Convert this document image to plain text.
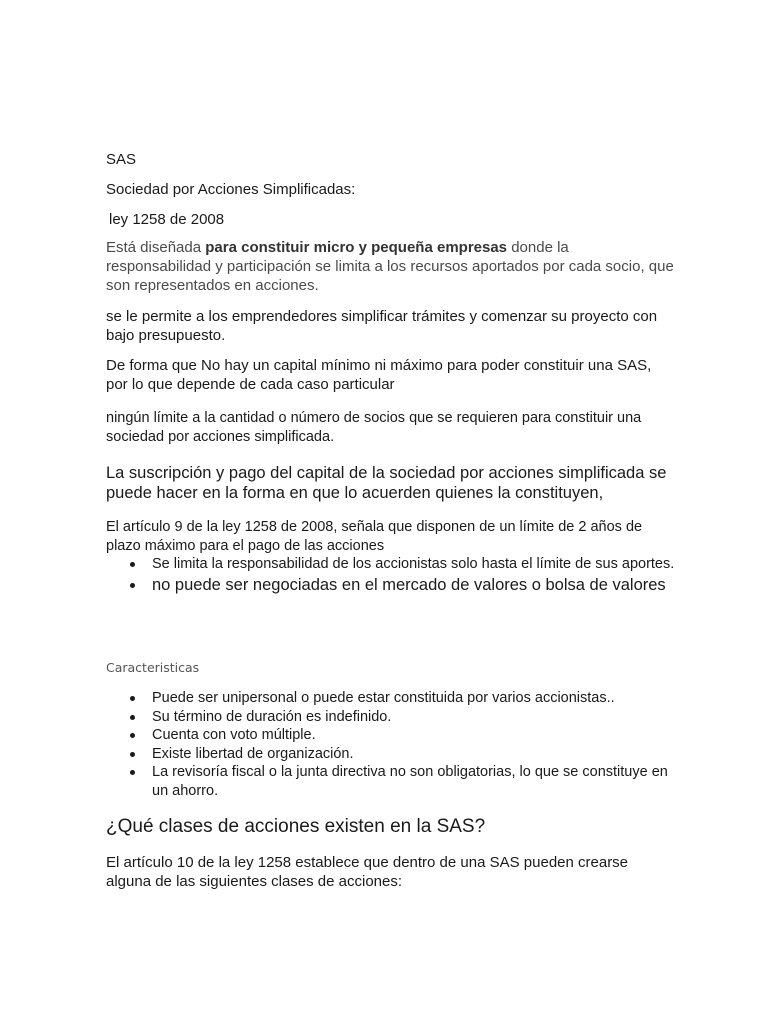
SAS

Sociedad por Acciones Simplificadas:

ley 1258 de 2008

Está diseñada para constituir micro y pequeña empresas donde la responsabilidad y participación se limita a los recursos aportados por cada socio, que son representados en acciones.

se le permite a los emprendedores simplificar trámites y comenzar su proyecto con bajo presupuesto.

De forma que No hay un capital mínimo ni máximo para poder constituir una SAS, por lo que depende de cada caso particular

ningún límite a la cantidad o número de socios que se requieren para constituir una sociedad por acciones simplificada.

La suscripción y pago del capital de la sociedad por acciones simplificada se puede hacer en la forma en que lo acuerden quienes la constituyen,

El artículo 9 de la ley 1258 de 2008, señala que disponen de un límite de 2 años de plazo máximo para el pago de las acciones

Se limita la responsabilidad de los accionistas solo hasta el límite de sus aportes.
no puede ser negociadas en el mercado de valores o bolsa de valores

Caracteristicas

Puede ser unipersonal o puede estar constituida por varios accionistas..
Su término de duración es indefinido.
Cuenta con voto múltiple.
Existe libertad de organización.
La revisoría fiscal o la junta directiva no son obligatorias, lo que se constituye en un ahorro.

¿Qué clases de acciones existen en la SAS?

El artículo 10 de la ley 1258 establece que dentro de una SAS pueden crearse alguna de las siguientes clases de acciones:
